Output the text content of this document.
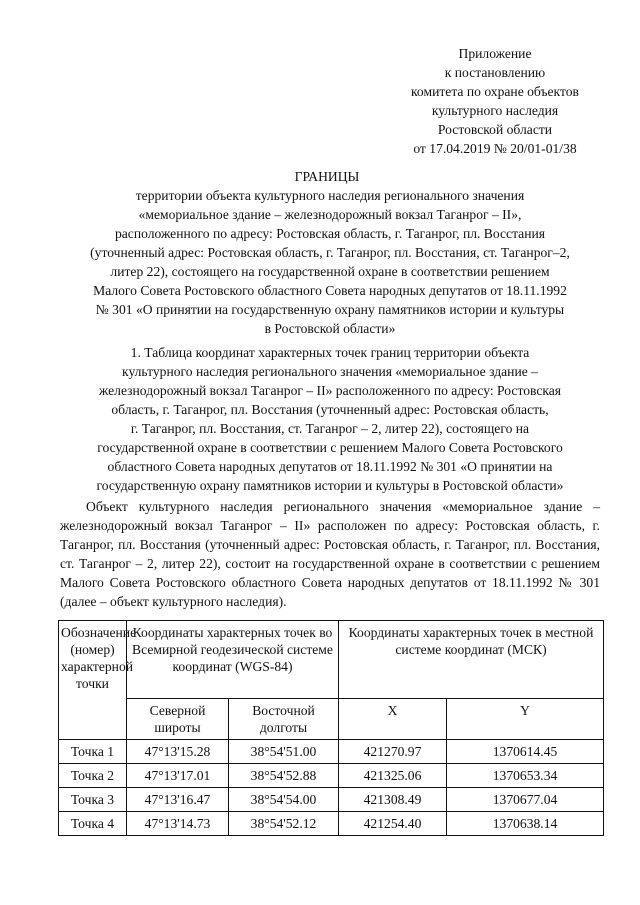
Приложение
к постановлению
комитета по охране объектов
культурного наследия
Ростовской области
от 17.04.2019 № 20/01-01/38
ГРАНИЦЫ
территории объекта культурного наследия регионального значения
«мемориальное здание – железнодорожный вокзал Таганрог – II»,
расположенного по адресу: Ростовская область, г. Таганрог, пл. Восстания
(уточненный адрес: Ростовская область, г. Таганрог, пл. Восстания, ст. Таганрог–2,
литер 22), состоящего на государственной охране в соответствии решением
Малого Совета Ростовского областного Совета народных депутатов от 18.11.1992
№ 301 «О принятии на государственную охрану памятников истории и культуры
в Ростовской области»
1. Таблица координат характерных точек границ территории объекта
культурного наследия регионального значения «мемориальное здание –
железнодорожный вокзал Таганрог – II» расположенного по адресу: Ростовская
область, г. Таганрог, пл. Восстания (уточненный адрес: Ростовская область,
г. Таганрог, пл. Восстания, ст. Таганрог – 2, литер 22), состоящего на
государственной охране в соответствии с решением Малого Совета Ростовского
областного Совета народных депутатов от 18.11.1992 № 301 «О принятии на
государственную охрану памятников истории и культуры в Ростовской области»
Объект культурного наследия регионального значения «мемориальное здание – железнодорожный вокзал Таганрог – II» расположен по адресу: Ростовская область, г. Таганрог, пл. Восстания (уточненный адрес: Ростовская область, г. Таганрог, пл. Восстания, ст. Таганрог – 2, литер 22), состоит на государственной охране в соответствии с решением Малого Совета Ростовского областного Совета народных депутатов от 18.11.1992 № 301 (далее – объект культурного наследия).
Обозначение (номер) характерной точки	Координаты характерных точек во Всемирной геодезической системе координат (WGS-84)		Координаты характерных точек в местной системе координат (МСК)	
	Северной широты	Восточной долготы	X	Y
Точка 1	47°13'15.28	38°54'51.00	421270.97	1370614.45
Точка 2	47°13'17.01	38°54'52.88	421325.06	1370653.34
Точка 3	47°13'16.47	38°54'54.00	421308.49	1370677.04
Точка 4	47°13'14.73	38°54'52.12	421254.40	1370638.14
